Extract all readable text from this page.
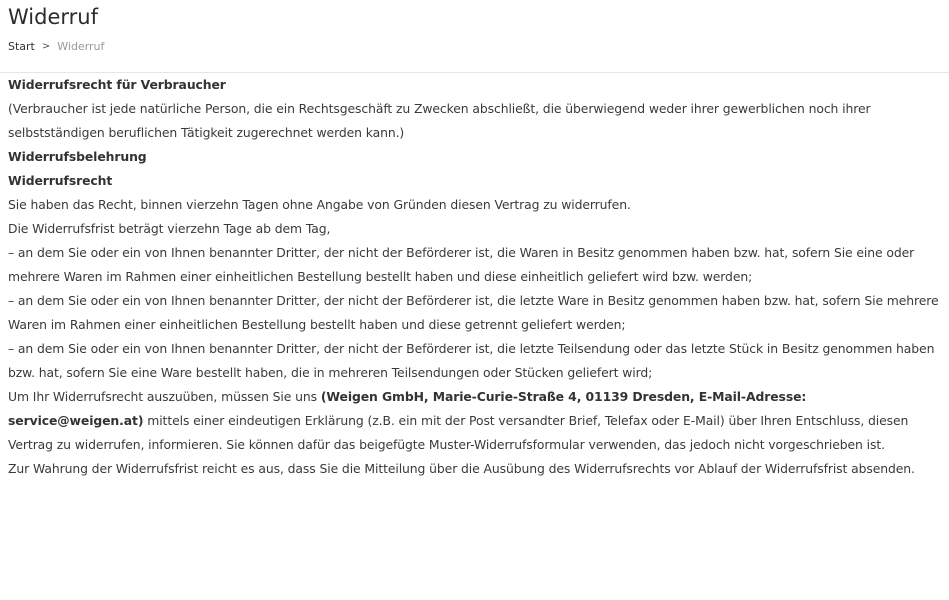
Widerruf
Start > Widerruf

Widerrufsrecht für Verbraucher
(Verbraucher ist jede natürliche Person, die ein Rechtsgeschäft zu Zwecken abschließt, die überwiegend weder ihrer gewerblichen noch ihrer selbstständigen beruflichen Tätigkeit zugerechnet werden kann.)

Widerrufsbelehrung

Widerrufsrecht
Sie haben das Recht, binnen vierzehn Tagen ohne Angabe von Gründen diesen Vertrag zu widerrufen.
Die Widerrufsfrist beträgt vierzehn Tage ab dem Tag,

– an dem Sie oder ein von Ihnen benannter Dritter, der nicht der Beförderer ist, die Waren in Besitz genommen haben bzw. hat, sofern Sie eine oder mehrere Waren im Rahmen einer einheitlichen Bestellung bestellt haben und diese einheitlich geliefert wird bzw. werden;

– an dem Sie oder ein von Ihnen benannter Dritter, der nicht der Beförderer ist, die letzte Ware in Besitz genommen haben bzw. hat, sofern Sie mehrere Waren im Rahmen einer einheitlichen Bestellung bestellt haben und diese getrennt geliefert werden;

– an dem Sie oder ein von Ihnen benannter Dritter, der nicht der Beförderer ist, die letzte Teilsendung oder das letzte Stück in Besitz genommen haben bzw. hat, sofern Sie eine Ware bestellt haben, die in mehreren Teilsendungen oder Stücken geliefert wird;

Um Ihr Widerrufsrecht auszuüben, müssen Sie uns (Weigen GmbH, Marie-Curie-Straße 4, 01139 Dresden, E-Mail-Adresse: service@weigen.at) mittels einer eindeutigen Erklärung (z.B. ein mit der Post versandter Brief, Telefax oder E-Mail) über Ihren Entschluss, diesen Vertrag zu widerrufen, informieren. Sie können dafür das beigefügte Muster-Widerrufsformular verwenden, das jedoch nicht vorgeschrieben ist.

Zur Wahrung der Widerrufsfrist reicht es aus, dass Sie die Mitteilung über die Ausübung des Widerrufsrechts vor Ablauf der Widerrufsfrist absenden.
